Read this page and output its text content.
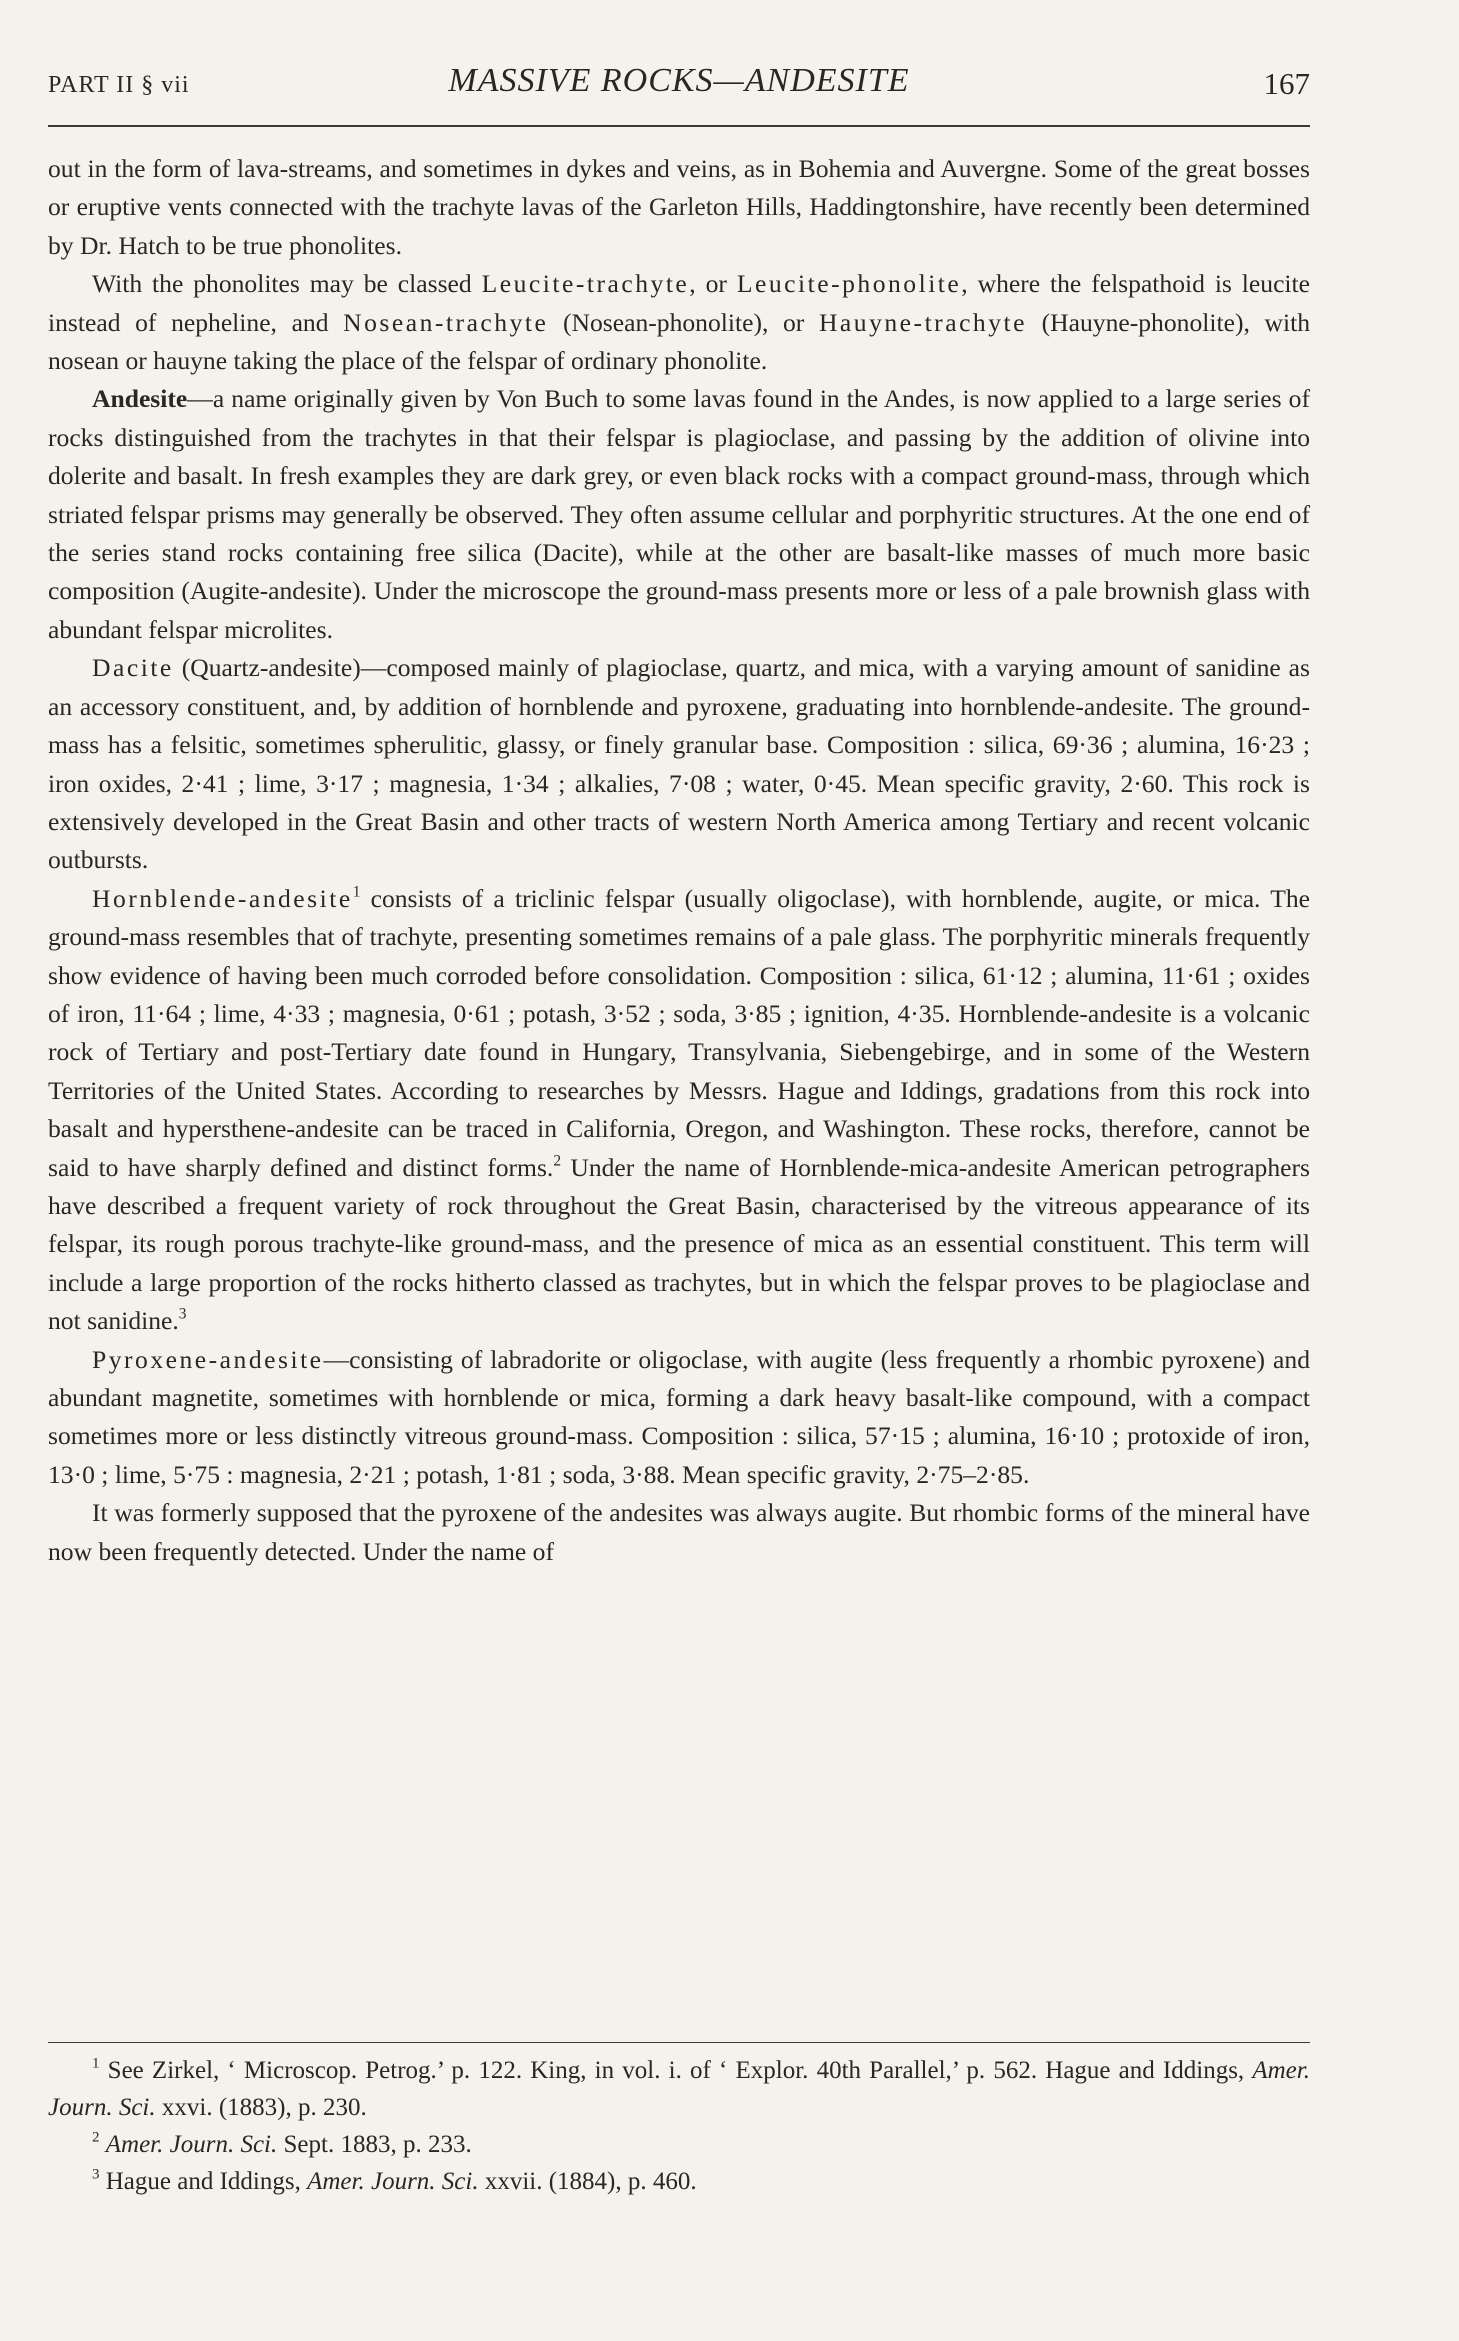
PART II § vii	MASSIVE ROCKS—ANDESITE	167

out in the form of lava-streams, and sometimes in dykes and veins, as in Bohemia and Auvergne. Some of the great bosses or eruptive vents connected with the trachyte lavas of the Garleton Hills, Haddingtonshire, have recently been determined by Dr. Hatch to be true phonolites.

With the phonolites may be classed Leucite-trachyte, or Leucite-phonolite, where the felspathoid is leucite instead of nepheline, and Nosean-trachyte (Nosean-phonolite), or Hauyne-trachyte (Hauyne-phonolite), with nosean or hauyne taking the place of the felspar of ordinary phonolite.

Andesite—a name originally given by Von Buch to some lavas found in the Andes, is now applied to a large series of rocks distinguished from the trachytes in that their felspar is plagioclase, and passing by the addition of olivine into dolerite and basalt. In fresh examples they are dark grey, or even black rocks with a compact ground-mass, through which striated felspar prisms may generally be observed. They often assume cellular and porphyritic structures. At the one end of the series stand rocks containing free silica (Dacite), while at the other are basalt-like masses of much more basic composition (Augite-andesite). Under the microscope the ground-mass presents more or less of a pale brownish glass with abundant felspar microlites.

Dacite (Quartz-andesite)—composed mainly of plagioclase, quartz, and mica, with a varying amount of sanidine as an accessory constituent, and, by addition of hornblende and pyroxene, graduating into hornblende-andesite. The ground-mass has a felsitic, sometimes spherulitic, glassy, or finely granular base. Composition : silica, 69·36 ; alumina, 16·23 ; iron oxides, 2·41 ; lime, 3·17 ; magnesia, 1·34 ; alkalies, 7·08 ; water, 0·45. Mean specific gravity, 2·60. This rock is extensively developed in the Great Basin and other tracts of western North America among Tertiary and recent volcanic outbursts.

Hornblende-andesite$^1$ consists of a triclinic felspar (usually oligoclase), with hornblende, augite, or mica. The ground-mass resembles that of trachyte, presenting sometimes remains of a pale glass. The porphyritic minerals frequently show evidence of having been much corroded before consolidation. Composition : silica, 61·12 ; alumina, 11·61 ; oxides of iron, 11·64 ; lime, 4·33 ; magnesia, 0·61 ; potash, 3·52 ; soda, 3·85 ; ignition, 4·35. Hornblende-andesite is a volcanic rock of Tertiary and post-Tertiary date found in Hungary, Transylvania, Siebengebirge, and in some of the Western Territories of the United States. According to researches by Messrs. Hague and Iddings, gradations from this rock into basalt and hypersthene-andesite can be traced in California, Oregon, and Washington. These rocks, therefore, cannot be said to have sharply defined and distinct forms.$^2$ Under the name of Hornblende-mica-andesite American petrographers have described a frequent variety of rock throughout the Great Basin, characterised by the vitreous appearance of its felspar, its rough porous trachyte-like ground-mass, and the presence of mica as an essential constituent. This term will include a large proportion of the rocks hitherto classed as trachytes, but in which the felspar proves to be plagioclase and not sanidine.$^3$

Pyroxene-andesite—consisting of labradorite or oligoclase, with augite (less frequently a rhombic pyroxene) and abundant magnetite, sometimes with hornblende or mica, forming a dark heavy basalt-like compound, with a compact sometimes more or less distinctly vitreous ground-mass. Composition : silica, 57·15 ; alumina, 16·10 ; protoxide of iron, 13·0 ; lime, 5·75 : magnesia, 2·21 ; potash, 1·81 ; soda, 3·88. Mean specific gravity, 2·75–2·85.

It was formerly supposed that the pyroxene of the andesites was always augite. But rhombic forms of the mineral have now been frequently detected. Under the name of

$^1$ See Zirkel, ‘ Microscop. Petrog.’ p. 122. King, in vol. i. of ‘ Explor. 40th Parallel,’ p. 562. Hague and Iddings, Amer. Journ. Sci. xxvi. (1883), p. 230.

$^2$ Amer. Journ. Sci. Sept. 1883, p. 233.

$^3$ Hague and Iddings, Amer. Journ. Sci. xxvii. (1884), p. 460.
